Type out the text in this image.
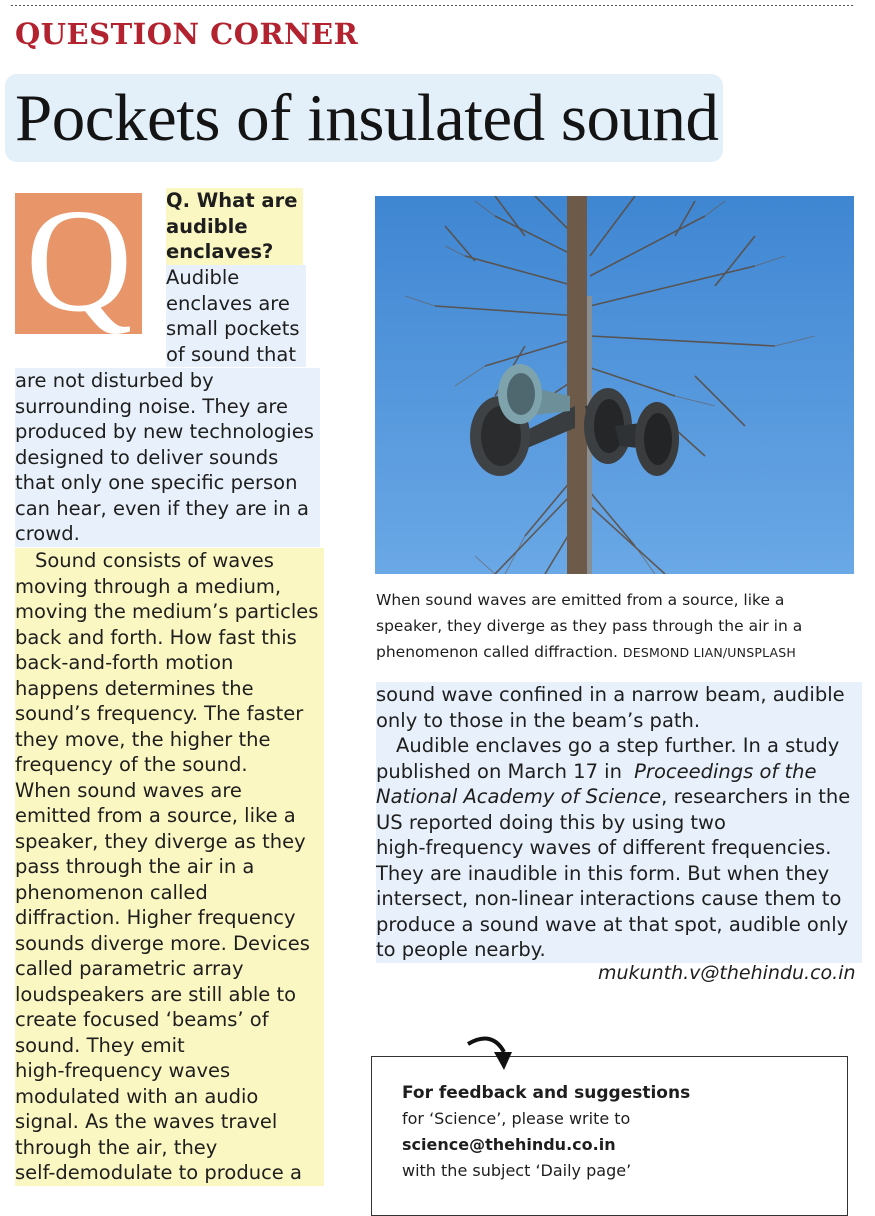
QUESTION CORNER
Pockets of insulated sound
Q	Q. What are
audible
enclaves?
Audible
enclaves are
small pockets
of sound that
are not disturbed by
surrounding noise. They are
produced by new technologies
designed to deliver sounds
that only one specific person
can hear, even if they are in a
crowd.
Sound consists of waves
moving through a medium,
moving the medium’s particles
back and forth. How fast this
back-and-forth motion
happens determines the
sound’s frequency. The faster
they move, the higher the
frequency of the sound.
When sound waves are
emitted from a source, like a
speaker, they diverge as they
pass through the air in a
phenomenon called
diffraction. Higher frequency
sounds diverge more. Devices
called parametric array
loudspeakers are still able to
create focused ‘beams’ of
sound. They emit
high-frequency waves
modulated with an audio
signal. As the waves travel
through the air, they
self-demodulate to produce a
When sound waves are emitted from a source, like a
speaker, they diverge as they pass through the air in a
phenomenon called diffraction. DESMOND LIAN/UNSPLASH
sound wave confined in a narrow beam, audible
only to those in the beam’s path.
Audible enclaves go a step further. In a study
published on March 17 in Proceedings of the
National Academy of Science, researchers in the
US reported doing this by using two
high-frequency waves of different frequencies.
They are inaudible in this form. But when they
intersect, non-linear interactions cause them to
produce a sound wave at that spot, audible only
to people nearby.
mukunth.v@thehindu.co.in
For feedback and suggestions
for ‘Science’, please write to
science@thehindu.co.in
with the subject ‘Daily page’
